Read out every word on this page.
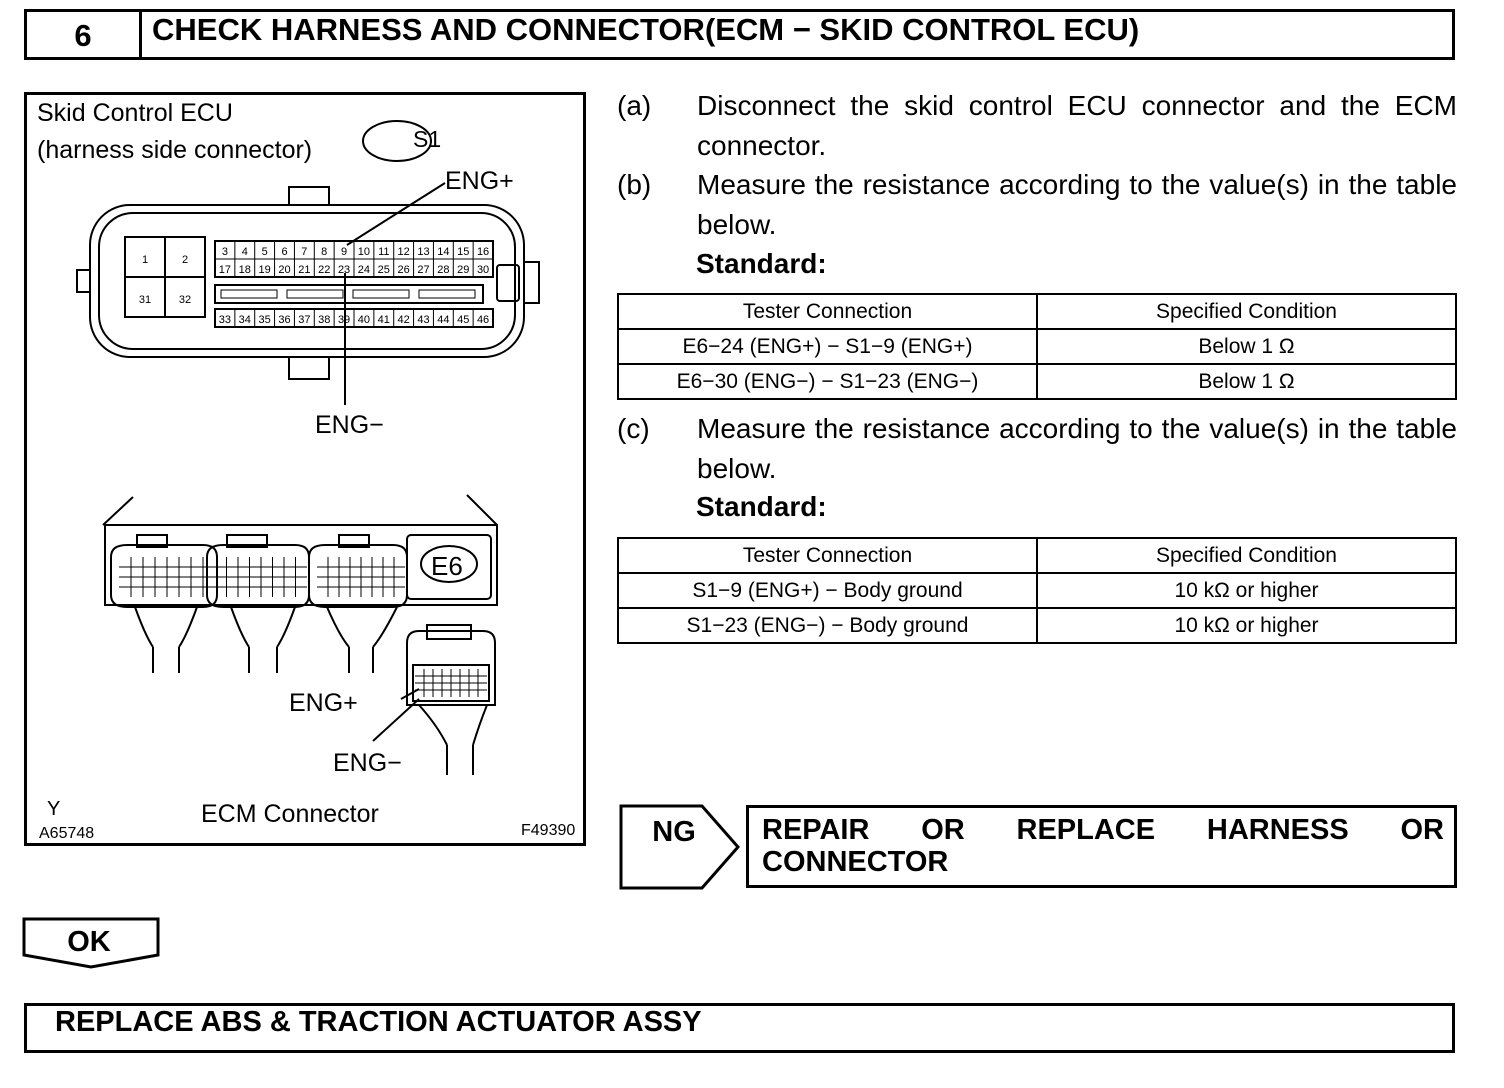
6	CHECK HARNESS AND CONNECTOR(ECM − SKID CONTROL ECU)
Skid Control ECU
(harness side connector)
3 4 5 6 7 8 9 10 11 12 13 14 15 16
17 18 19 20 21 22 23 24 25 26 27 28 29 30
33 34 35 36 37 38 39 40 41 42 43 44 45 46
1	2
31	32
S1
ENG+
ENG−
E6
ENG+
ENG−
ECM Connector
Y
A65748	F49390
(a) Disconnect the skid control ECU connector and the ECM connector.
(b) Measure the resistance according to the value(s) in the table below.
Standard:
Tester Connection	Specified Condition
E6−24 (ENG+) − S1−9 (ENG+)	Below 1 Ω
E6−30 (ENG−) − S1−23 (ENG−)	Below 1 Ω
(c) Measure the resistance according to the value(s) in the table below.
Standard:
Tester Connection	Specified Condition
S1−9 (ENG+) − Body ground	10 kΩ or higher
S1−23 (ENG−) − Body ground	10 kΩ or higher
NG REPAIR OR REPLACE HARNESS OR CONNECTOR
OK
REPLACE ABS & TRACTION ACTUATOR ASSY
